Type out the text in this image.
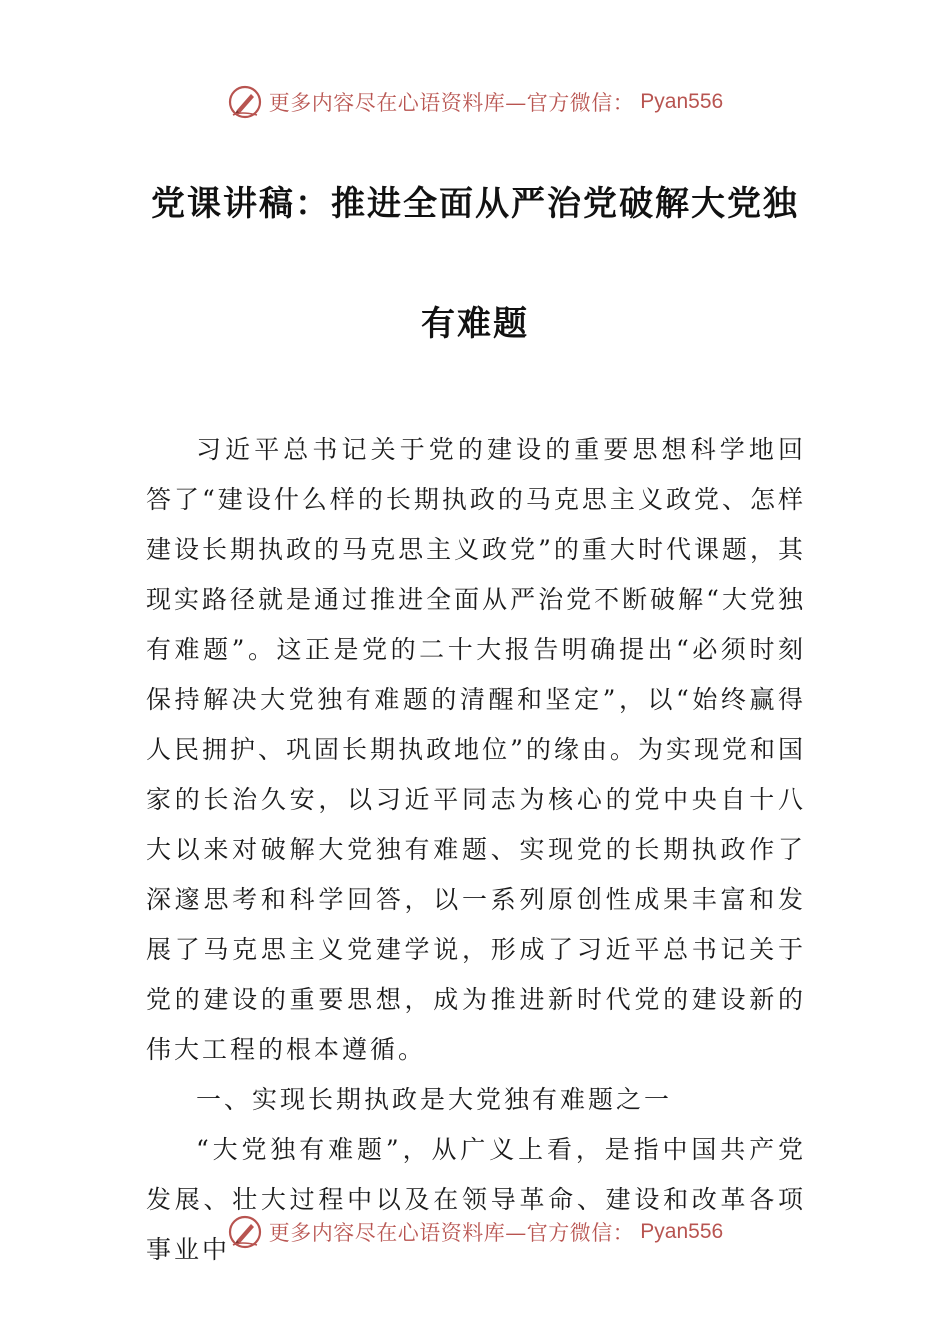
更多内容尽在心语资料库—官方微信： Pyan556
党课讲稿：推进全面从严治党破解大党独
有难题

习近平总书记关于党的建设的重要思想科学地回答了“建设什么样的长期执政的马克思主义政党、怎样建设长期执政的马克思主义政党”的重大时代课题，其现实路径就是通过推进全面从严治党不断破解“大党独有难题”。这正是党的二十大报告明确提出“必须时刻保持解决大党独有难题的清醒和坚定”，以“始终赢得人民拥护、巩固长期执政地位”的缘由。为实现党和国家的长治久安，以习近平同志为核心的党中央自十八大以来对破解大党独有难题、实现党的长期执政作了深邃思考和科学回答，以一系列原创性成果丰富和发展了马克思主义党建学说，形成了习近平总书记关于党的建设的重要思想，成为推进新时代党的建设新的伟大工程的根本遵循。

一、实现长期执政是大党独有难题之一

“大党独有难题”，从广义上看，是指中国共产党发展、壮大过程中以及在领导革命、建设和改革各项事业中

更多内容尽在心语资料库—官方微信： Pyan556
